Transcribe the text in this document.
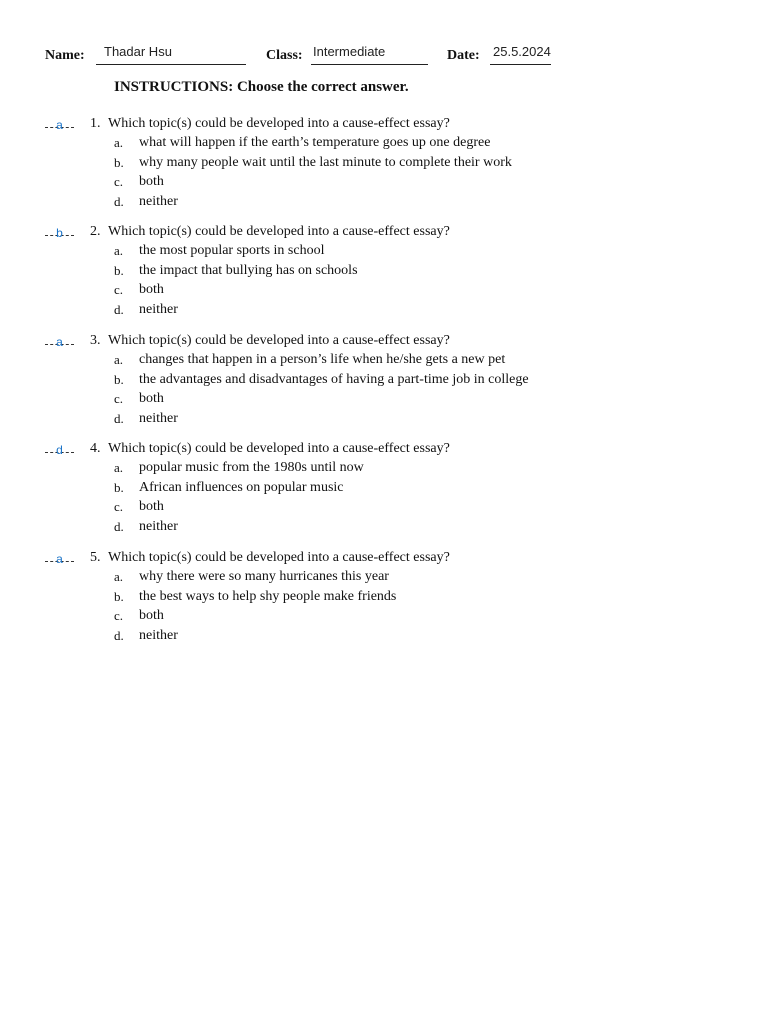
Name: Thadar Hsu	Class: Intermediate	Date: 25.5.2024
INSTRUCTIONS: Choose the correct answer.
a	1. Which topic(s) could be developed into a cause-effect essay?
a. what will happen if the earth’s temperature goes up one degree
b. why many people wait until the last minute to complete their work
c. both
d. neither
b	2. Which topic(s) could be developed into a cause-effect essay?
a. the most popular sports in school
b. the impact that bullying has on schools
c. both
d. neither
a	3. Which topic(s) could be developed into a cause-effect essay?
a. changes that happen in a person’s life when he/she gets a new pet
b. the advantages and disadvantages of having a part-time job in college
c. both
d. neither
d	4. Which topic(s) could be developed into a cause-effect essay?
a. popular music from the 1980s until now
b. African influences on popular music
c. both
d. neither
a	5. Which topic(s) could be developed into a cause-effect essay?
a. why there were so many hurricanes this year
b. the best ways to help shy people make friends
c. both
d. neither
